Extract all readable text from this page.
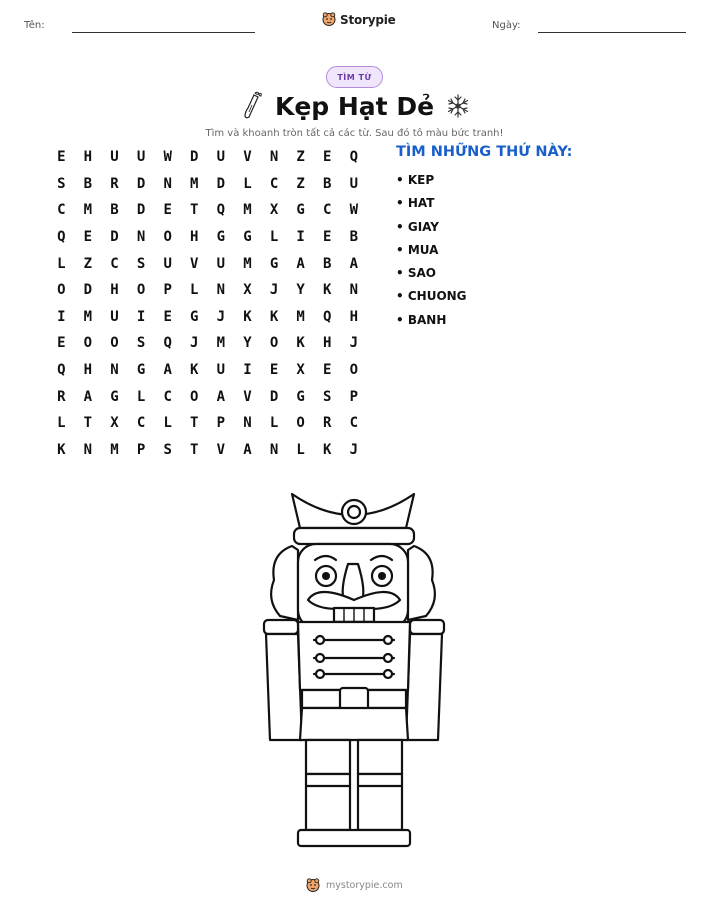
Tên:	Storypie	Ngày:
TÌM TỪ
Kẹp Hạt Dẻ
Tìm và khoanh tròn tất cả các từ. Sau đó tô màu bức tranh!
E	H	U	U	W	D	U	V	N	Z	E	Q
S	B	R	D	N	M	D	L	C	Z	B	U
C	M	B	D	E	T	Q	M	X	G	C	W
Q	E	D	N	O	H	G	G	L	I	E	B
L	Z	C	S	U	V	U	M	G	A	B	A
O	D	H	O	P	L	N	X	J	Y	K	N
I	M	U	I	E	G	J	K	K	M	Q	H
E	O	O	S	Q	J	M	Y	O	K	H	J
Q	H	N	G	A	K	U	I	E	X	E	O
R	A	G	L	C	O	A	V	D	G	S	P
L	T	X	C	L	T	P	N	L	O	R	C
K	N	M	P	S	T	V	A	N	L	K	J
TÌM NHỮNG THỨ NÀY:
• KEP
• HAT
• GIAY
• MUA
• SAO
• CHUONG
• BANH
mystorypie.com
